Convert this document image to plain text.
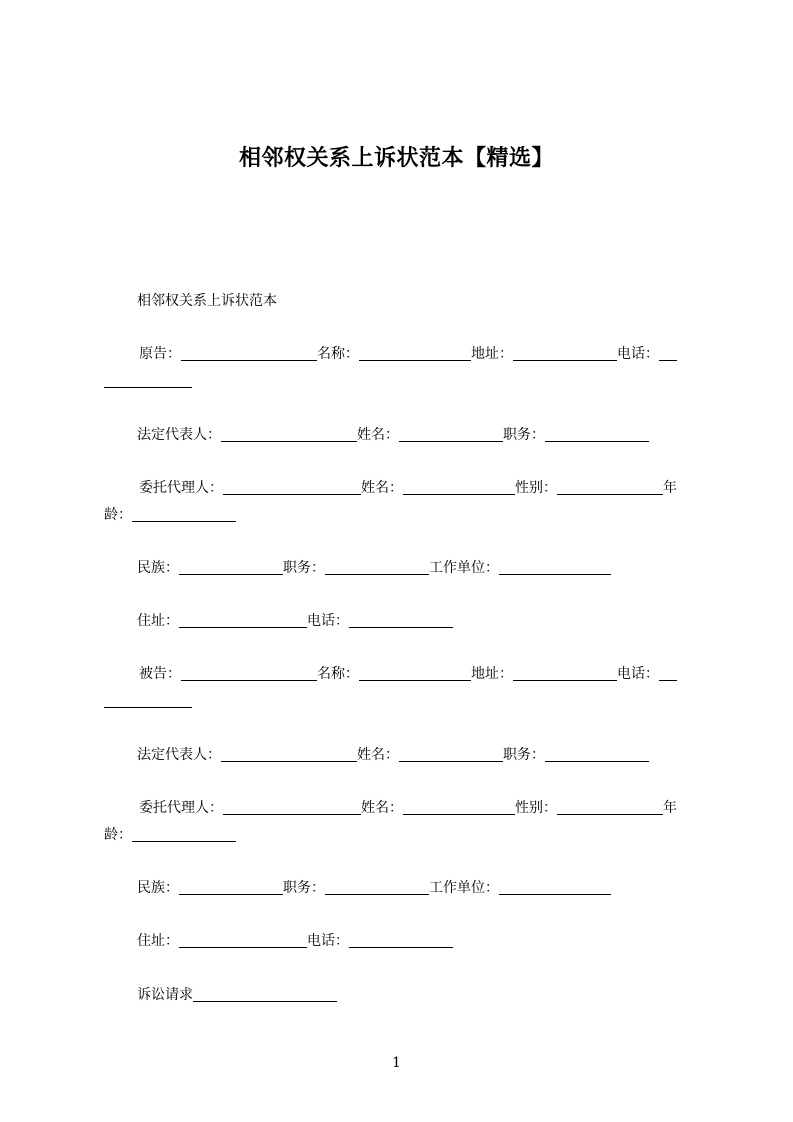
相邻权关系上诉状范本【精选】
相邻权关系上诉状范本
原告：	名称：	地址：	电话：
法定代表人：	姓名：	职务：
委托代理人：	姓名：	性别：	年
龄：
民族：	职务：	工作单位：
住址：	电话：
被告：	名称：	地址：	电话：
法定代表人：	姓名：	职务：
委托代理人：	姓名：	性别：	年
龄：
民族：	职务：	工作单位：
住址：	电话：
诉讼请求
1
